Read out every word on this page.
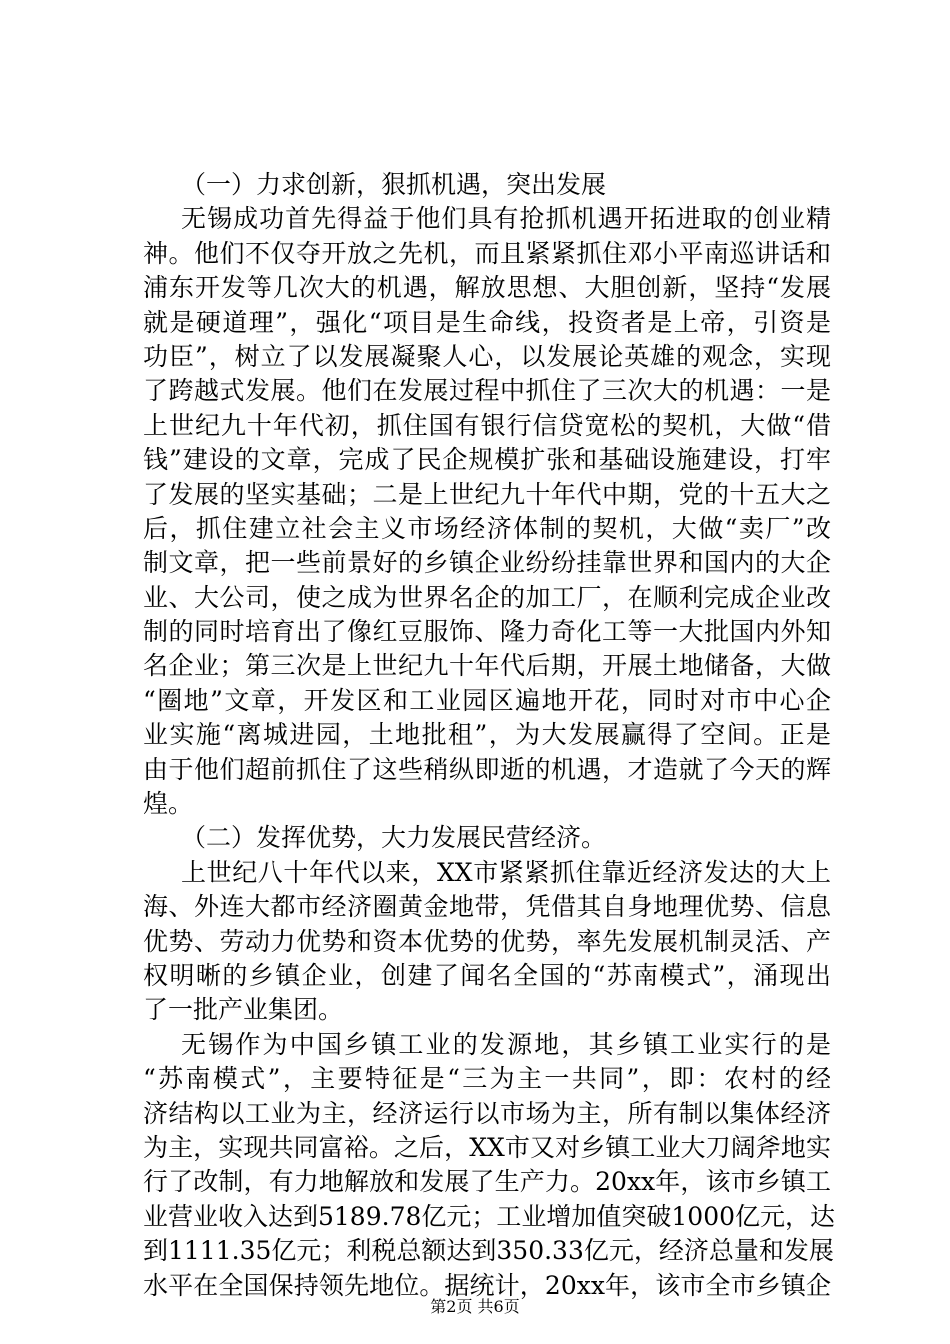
（一）力求创新，狠抓机遇，突出发展
无锡成功首先得益于他们具有抢抓机遇开拓进取的创业精
神。他们不仅夺开放之先机，而且紧紧抓住邓小平南巡讲话和
浦东开发等几次大的机遇，解放思想、大胆创新，坚持“发展
就是硬道理”，强化“项目是生命线，投资者是上帝，引资是
功臣”，树立了以发展凝聚人心，以发展论英雄的观念，实现
了跨越式发展。他们在发展过程中抓住了三次大的机遇：一是
上世纪九十年代初，抓住国有银行信贷宽松的契机，大做“借
钱”建设的文章，完成了民企规模扩张和基础设施建设，打牢
了发展的坚实基础；二是上世纪九十年代中期，党的十五大之
后，抓住建立社会主义市场经济体制的契机，大做“卖厂”改
制文章，把一些前景好的乡镇企业纷纷挂靠世界和国内的大企
业、大公司，使之成为世界名企的加工厂，在顺利完成企业改
制的同时培育出了像红豆服饰、隆力奇化工等一大批国内外知
名企业；第三次是上世纪九十年代后期，开展土地储备，大做
“圈地”文章，开发区和工业园区遍地开花，同时对市中心企
业实施“离城进园，土地批租”，为大发展赢得了空间。正是
由于他们超前抓住了这些稍纵即逝的机遇，才造就了今天的辉
煌。
（二）发挥优势，大力发展民营经济。
上世纪八十年代以来，XX市紧紧抓住靠近经济发达的大上
海、外连大都市经济圈黄金地带，凭借其自身地理优势、信息
优势、劳动力优势和资本优势的优势，率先发展机制灵活、产
权明晰的乡镇企业，创建了闻名全国的“苏南模式”，涌现出
了一批产业集团。
无锡作为中国乡镇工业的发源地，其乡镇工业实行的是
“苏南模式”，主要特征是“三为主一共同”，即：农村的经
济结构以工业为主，经济运行以市场为主，所有制以集体经济
为主，实现共同富裕。之后，XX市又对乡镇工业大刀阔斧地实
行了改制，有力地解放和发展了生产力。20xx年，该市乡镇工
业营业收入达到5189.78亿元；工业增加值突破1000亿元，达
到1111.35亿元；利税总额达到350.33亿元，经济总量和发展
水平在全国保持领先地位。据统计，20xx年，该市全市乡镇企
第2页 共6页
